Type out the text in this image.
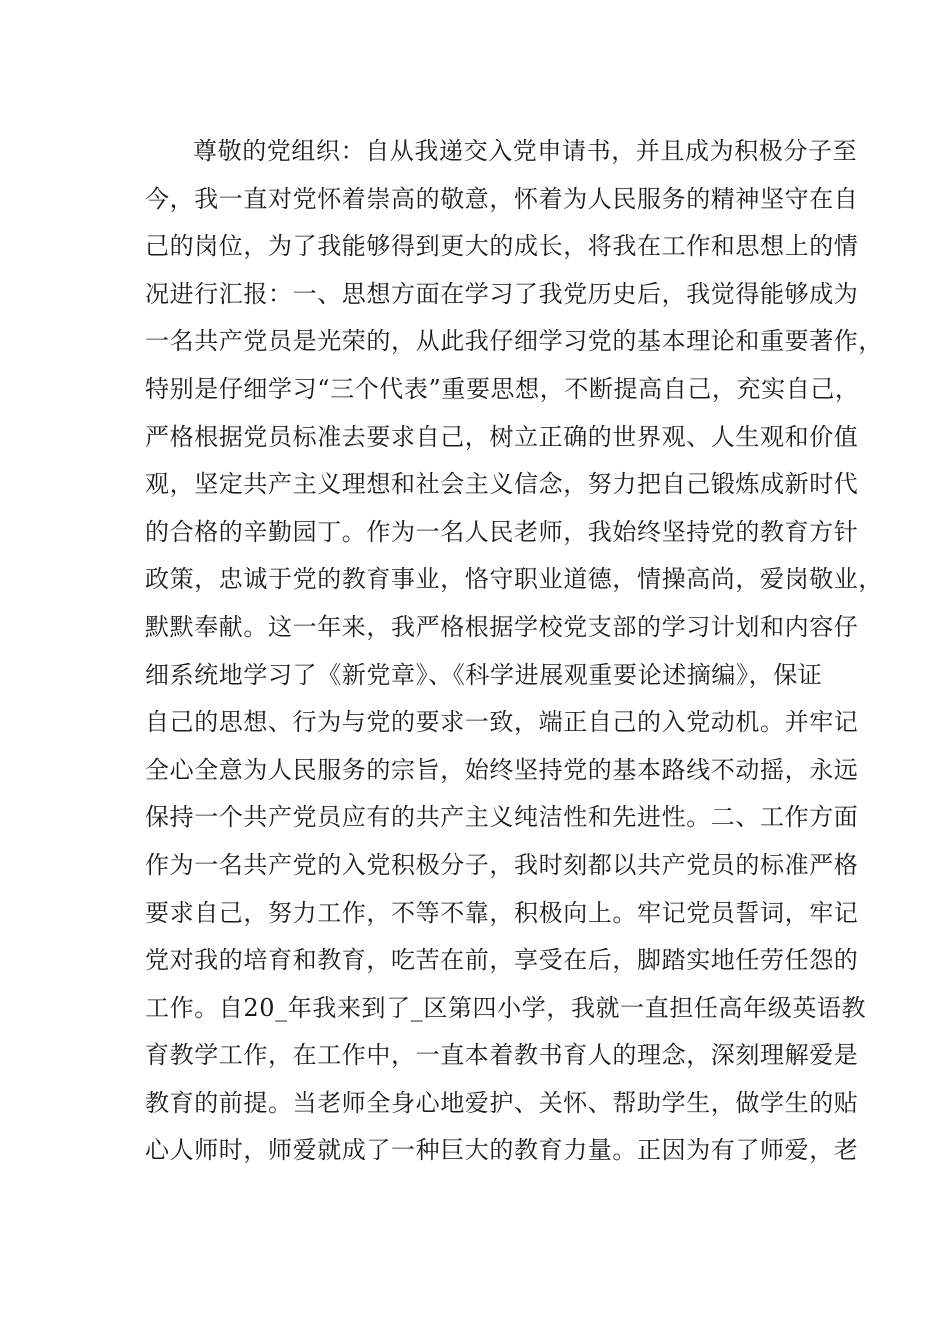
尊敬的党组织：自从我递交入党申请书，并且成为积极分子至
今，我一直对党怀着崇高的敬意，怀着为人民服务的精神坚守在自
己的岗位，为了我能够得到更大的成长，将我在工作和思想上的情
况进行汇报：一、思想方面在学习了我党历史后，我觉得能够成为
一名共产党员是光荣的，从此我仔细学习党的基本理论和重要著作，
特别是仔细学习“三个代表”重要思想，不断提高自己，充实自己，
严格根据党员标准去要求自己，树立正确的世界观、人生观和价值
观，坚定共产主义理想和社会主义信念，努力把自己锻炼成新时代
的合格的辛勤园丁。作为一名人民老师，我始终坚持党的教育方针
政策，忠诚于党的教育事业，恪守职业道德，情操高尚，爱岗敬业，
默默奉献。这一年来，我严格根据学校党支部的学习计划和内容仔
细系统地学习了《新党章》、《科学进展观重要论述摘编》，保证
自己的思想、行为与党的要求一致，端正自己的入党动机。并牢记
全心全意为人民服务的宗旨，始终坚持党的基本路线不动摇，永远
保持一个共产党员应有的共产主义纯洁性和先进性。二、工作方面
作为一名共产党的入党积极分子，我时刻都以共产党员的标准严格
要求自己，努力工作，不等不靠，积极向上。牢记党员誓词，牢记
党对我的培育和教育，吃苦在前，享受在后，脚踏实地任劳任怨的
工作。自20_年我来到了_区第四小学，我就一直担任高年级英语教
育教学工作，在工作中，一直本着教书育人的理念，深刻理解爱是
教育的前提。当老师全身心地爱护、关怀、帮助学生，做学生的贴
心人师时，师爱就成了一种巨大的教育力量。正因为有了师爱，老
